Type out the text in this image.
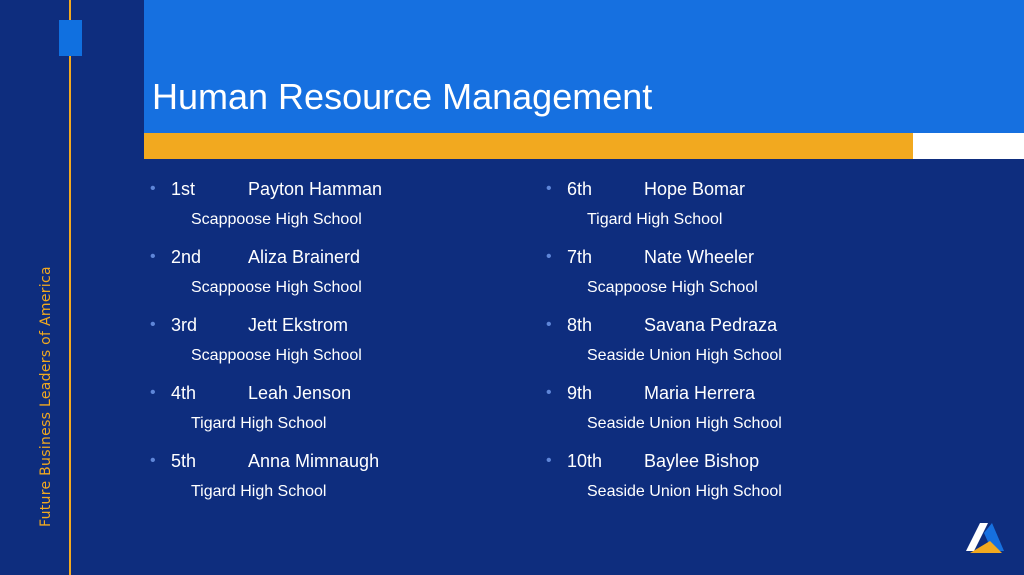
Future Business Leaders of America
Human Resource Management
• 1st	Payton Hamman
Scappoose High School
• 2nd	Aliza Brainerd
Scappoose High School
• 3rd	Jett Ekstrom
Scappoose High School
• 4th	Leah Jenson
Tigard High School
• 5th	Anna Mimnaugh
Tigard High School
• 6th	Hope Bomar
Tigard High School
• 7th	Nate Wheeler
Scappoose High School
• 8th	Savana Pedraza
Seaside Union High School
• 9th	Maria Herrera
Seaside Union High School
• 10th Baylee Bishop
Seaside Union High School
